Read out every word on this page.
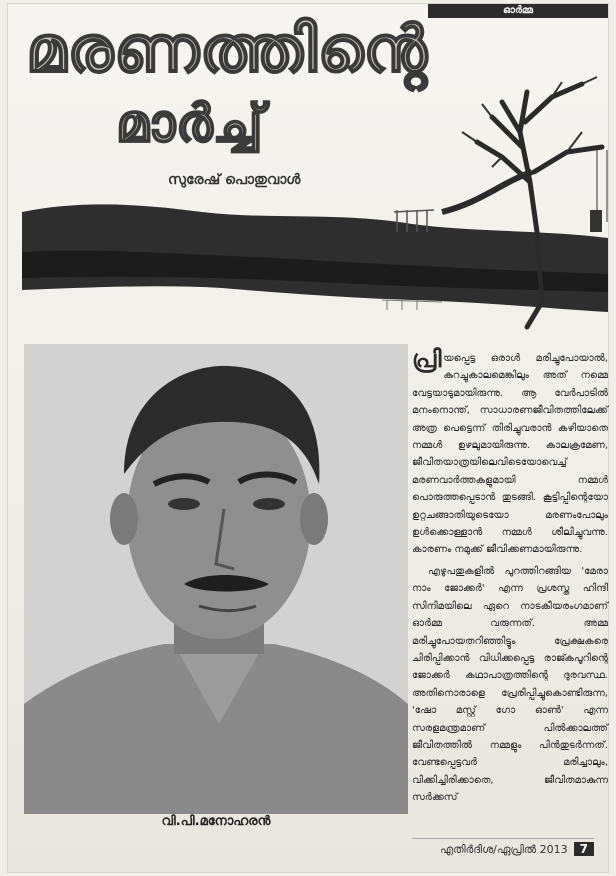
ഓർമ്മ
മരണത്തിന്റെ
മാർച്ച്
സുരേഷ് പൊതുവാൾ
വി.പി.മനോഹരൻ

പ്രി യപ്പെട്ട ഒരാൾ മരിച്ചുപോയാൽ, കുറച്ചുകാലമെങ്കിലും അത് നമ്മെ വേട്ടയാടുമായിരുന്നു. ആ വേർപാടിൽ മനംനൊന്ത്, സാധാരണജീവിതത്തിലേക്ക് അത്ര പെട്ടെന്ന് തിരിച്ചുവരാൻ കഴിയാതെ നമ്മൾ ഉഴലുമായിരുന്നു. കാലക്രമേണ, ജീവിതയാത്രയിലെവിടെയോവെച്ച് മരണവാർത്തകളുമായി നമ്മൾ പൊരുത്തപ്പെടാൻ തുടങ്ങി. കൂട്ടിപ്പിന്റെയോ ഉറ്റചങ്ങാതിയുടെയോ മരണംപോലും ഉൾക്കൊള്ളാൻ നമ്മൾ ശീലിച്ചുവന്നു. കാരണം നമുക്ക് ജീവിക്കണമായിരുന്നു.

എഴുപതുകളിൽ പുറത്തിറങ്ങിയ 'മേരാ നാം ജോക്കർ' എന്ന പ്രശസ്ത ഹിന്ദി സിനിമയിലെ ഏറെ നാടകീയരംഗമാണ് ഓർമ്മ വരുന്നത്. അമ്മ മരിച്ചുപോയതറിഞ്ഞിട്ടും പ്രേക്ഷകരെ ചിരിപ്പിക്കാൻ വിധിക്കപ്പെട്ട രാജ്കപൂറിന്റെ ജോക്കർ കഥാപാത്രത്തിന്റെ ദുരവസ്ഥ. അതിനൊരാളെ പ്രേരിപ്പിച്ചുകൊണ്ടിരുന്ന, 'ഷോ മസ്റ്റ് ഗോ ഓൺ' എന്ന സരളമന്ത്രമാണ് പിൽക്കാലത്ത് ജീവിതത്തിൽ നമ്മളും പിൻതുടർന്നത്. വേണ്ടപ്പെട്ടവർ മരിച്ചാലും, വിക്കിച്ചിരിക്കാതെ, ജീവിതമാകുന്ന സർക്കസ്

എതിർദിശ/ഏപ്രിൽ 2013 7
